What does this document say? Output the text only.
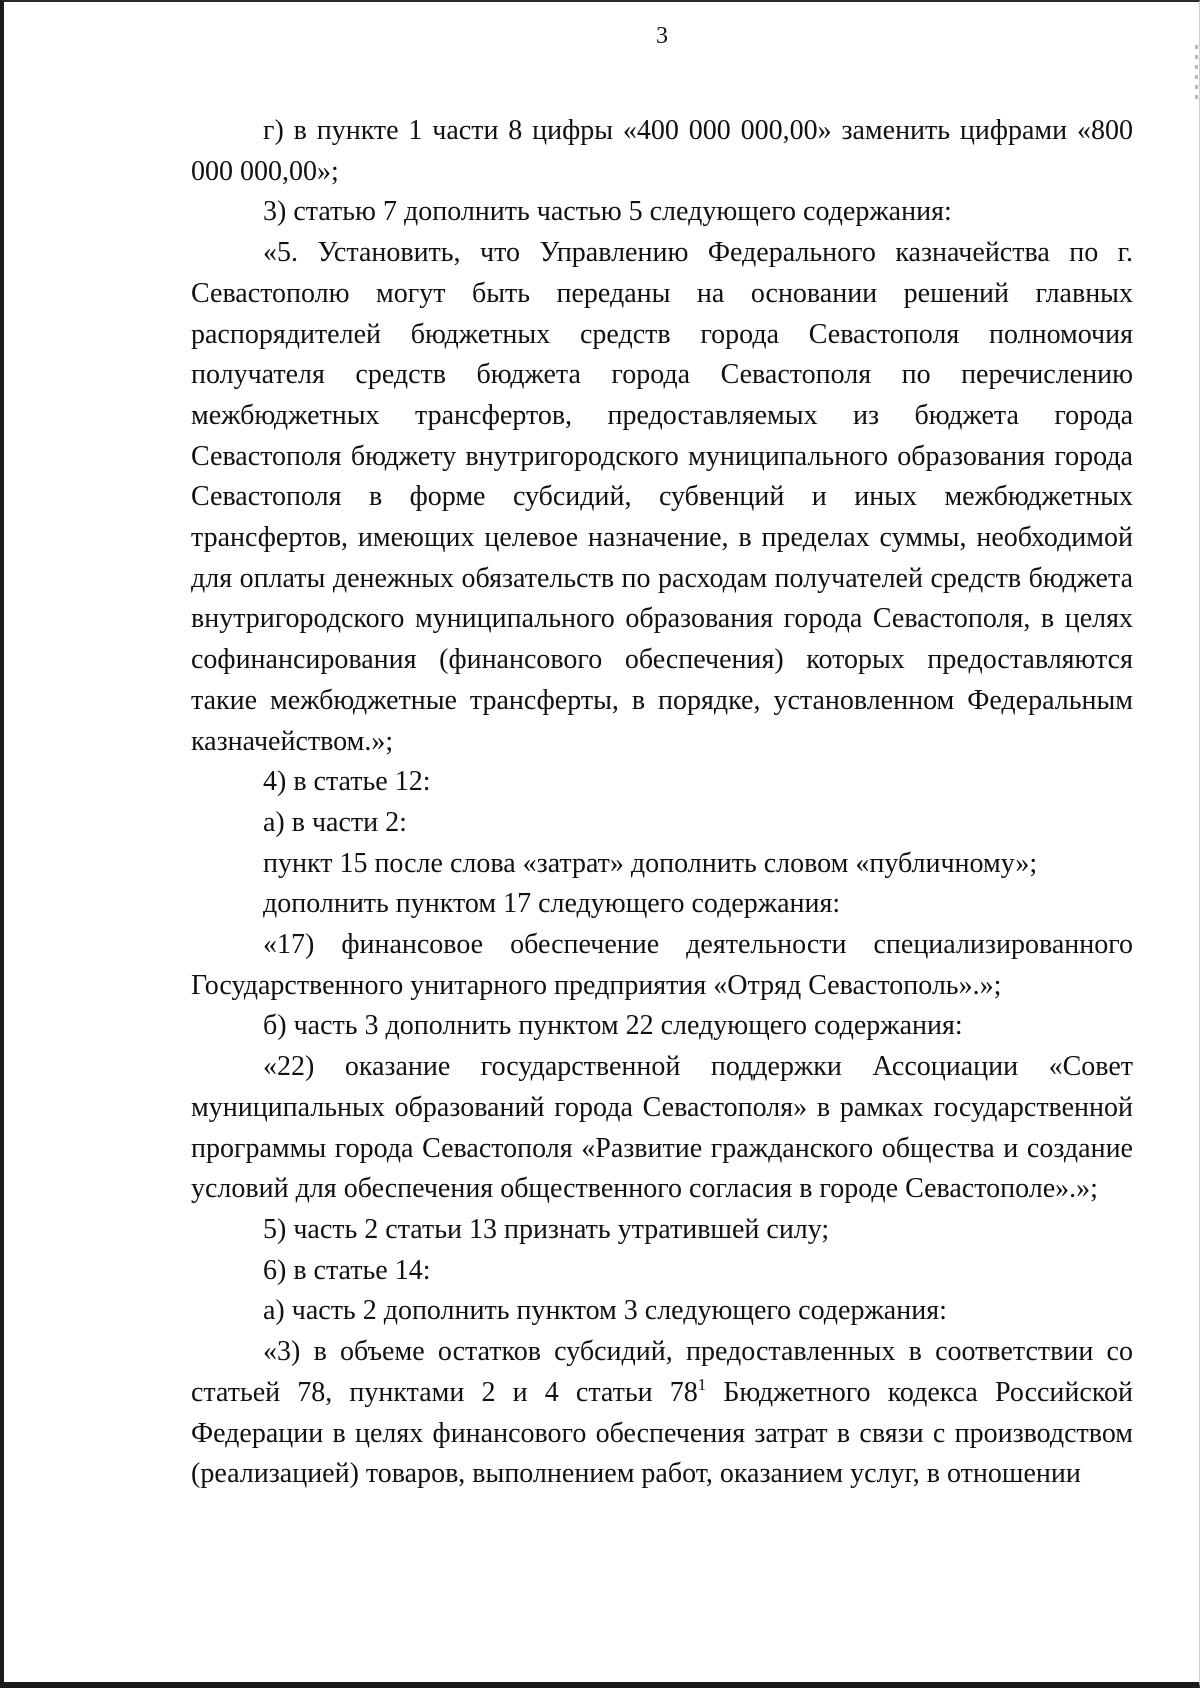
3

г) в пункте 1 части 8 цифры «400 000 000,00» заменить цифрами «800 000 000,00»;

3) статью 7 дополнить частью 5 следующего содержания:

«5. Установить, что Управлению Федерального казначейства по г. Севастополю могут быть переданы на основании решений главных распорядителей бюджетных средств города Севастополя полномочия получателя средств бюджета города Севастополя по перечислению межбюджетных трансфертов, предоставляемых из бюджета города Севастополя бюджету внутригородского муниципального образования города Севастополя в форме субсидий, субвенций и иных межбюджетных трансфертов, имеющих целевое назначение, в пределах суммы, необходимой для оплаты денежных обязательств по расходам получателей средств бюджета внутригородского муниципального образования города Севастополя, в целях софинансирования (финансового обеспечения) которых предоставляются такие межбюджетные трансферты, в порядке, установленном Федеральным казначейством.»;

4) в статье 12:

а) в части 2:

пункт 15 после слова «затрат» дополнить словом «публичному»;

дополнить пунктом 17 следующего содержания:

«17) финансовое обеспечение деятельности специализированного Государственного унитарного предприятия «Отряд Севастополь».»;

б) часть 3 дополнить пунктом 22 следующего содержания:

«22) оказание государственной поддержки Ассоциации «Совет муниципальных образований города Севастополя» в рамках государственной программы города Севастополя «Развитие гражданского общества и создание условий для обеспечения общественного согласия в городе Севастополе».»;

5) часть 2 статьи 13 признать утратившей силу;

6) в статье 14:

а) часть 2 дополнить пунктом 3 следующего содержания:

«3) в объеме остатков субсидий, предоставленных в соответствии со статьей 78, пунктами 2 и 4 статьи $78^1$ Бюджетного кодекса Российской Федерации в целях финансового обеспечения затрат в связи с производством (реализацией) товаров, выполнением работ, оказанием услуг, в отношении
